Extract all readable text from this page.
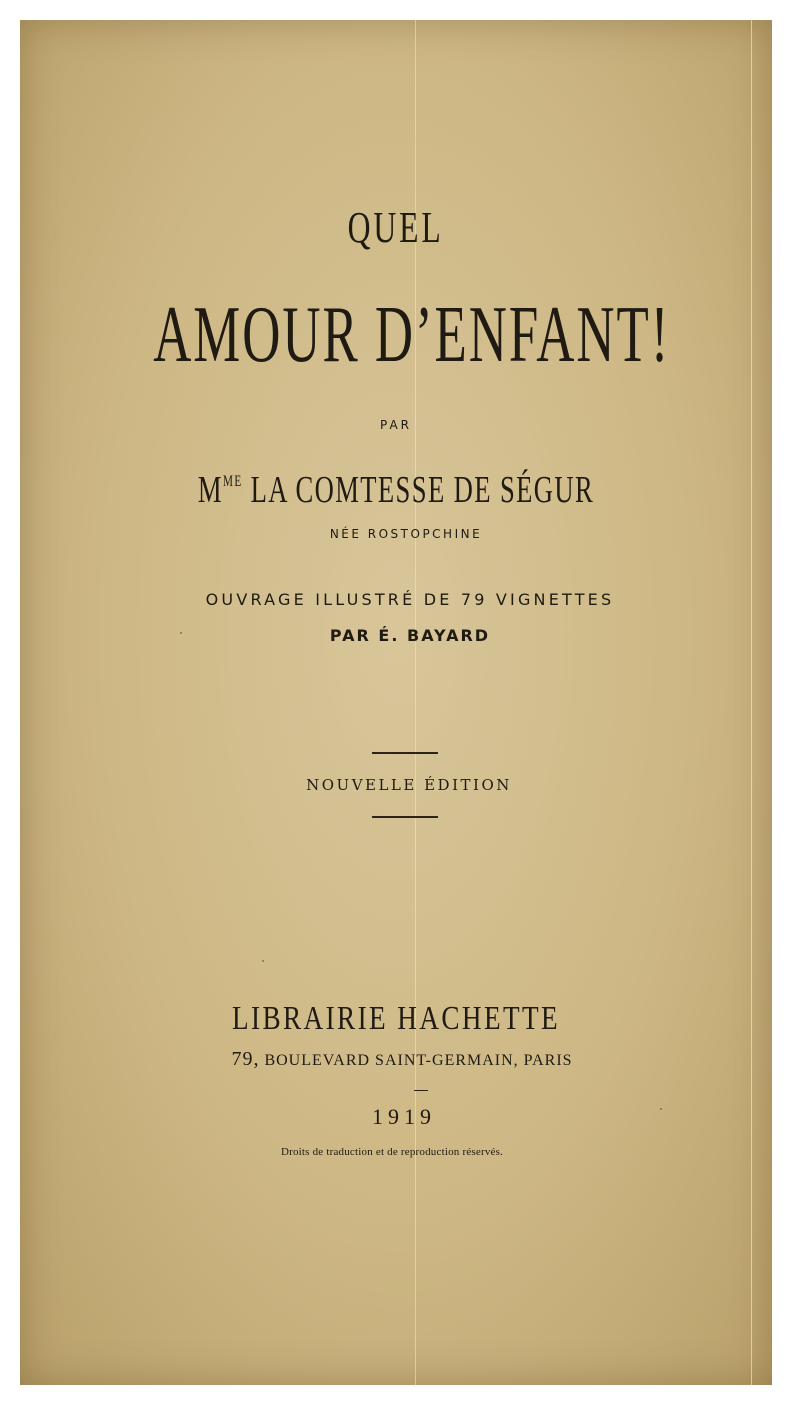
QUEL
AMOUR D’ENFANT!
PAR
$M^{ME}$ LA COMTESSE DE SÉGUR
NÉE ROSTOPCHINE
OUVRAGE ILLUSTRÉ DE 79 VIGNETTES
PAR É. BAYARD
NOUVELLE ÉDITION
LIBRAIRIE HACHETTE
79, BOULEVARD SAINT-GERMAIN, PARIS
1919
Droits de traduction et de reproduction réservés.
